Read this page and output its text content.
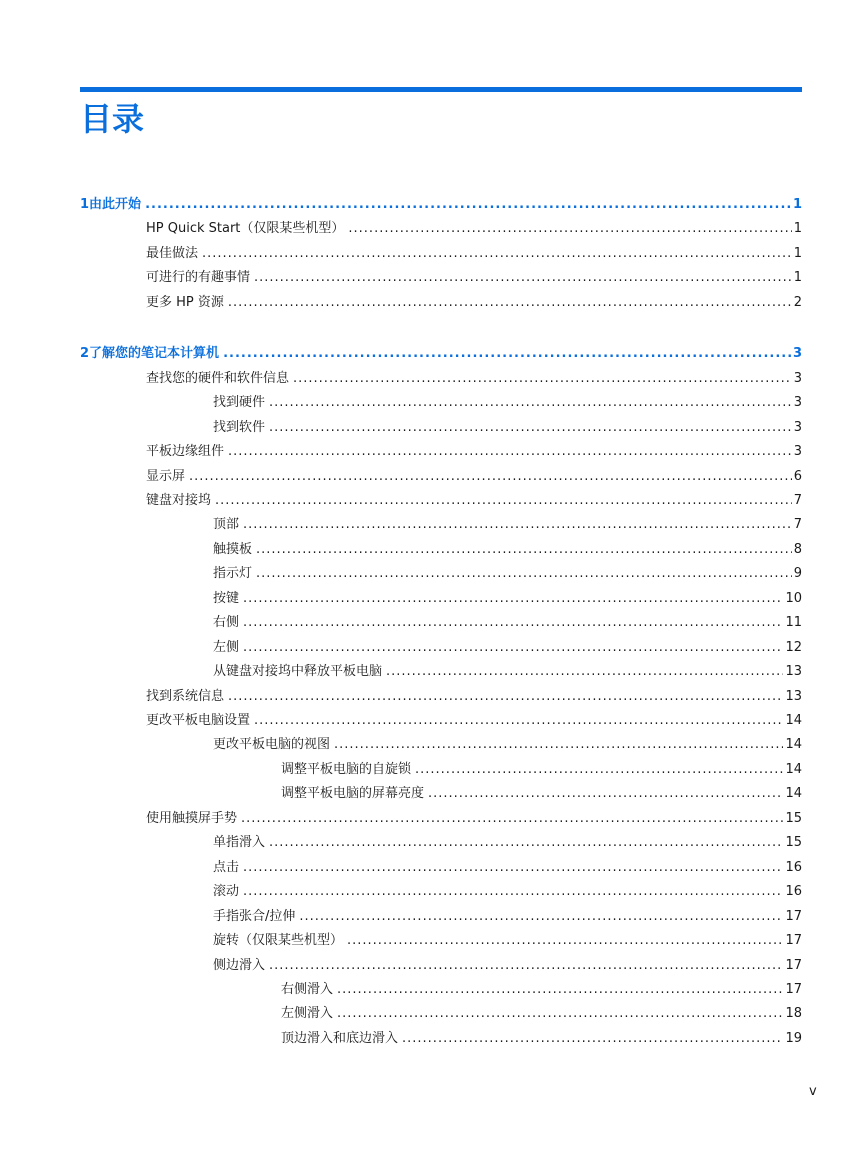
目录
1 由此开始 .....	1
HP Quick Start（仅限某些机型） .....	1
最佳做法 .....	1
可进行的有趣事情 .....	1
更多 HP 资源 .....	2
2 了解您的笔记本计算机 .....	3
查找您的硬件和软件信息 .....	3
找到硬件 .....	3
找到软件 .....	3
平板边缘组件 .....	3
显示屏 .....	6
键盘对接坞 .....	7
顶部 .....	7
触摸板 .....	8
指示灯 .....	9
按键 .....	10
右侧 .....	11
左侧 .....	12
从键盘对接坞中释放平板电脑 .....	13
找到系统信息 .....	13
更改平板电脑设置 .....	14
更改平板电脑的视图 .....	14
调整平板电脑的自旋锁 .....	14
调整平板电脑的屏幕亮度 .....	14
使用触摸屏手势 .....	15
单指滑入 .....	15
点击 .....	16
滚动 .....	16
手指张合/拉伸 .....	17
旋转（仅限某些机型） .....	17
侧边滑入 .....	17
右侧滑入 .....	17
左侧滑入 .....	18
顶边滑入和底边滑入 .....	19
v
